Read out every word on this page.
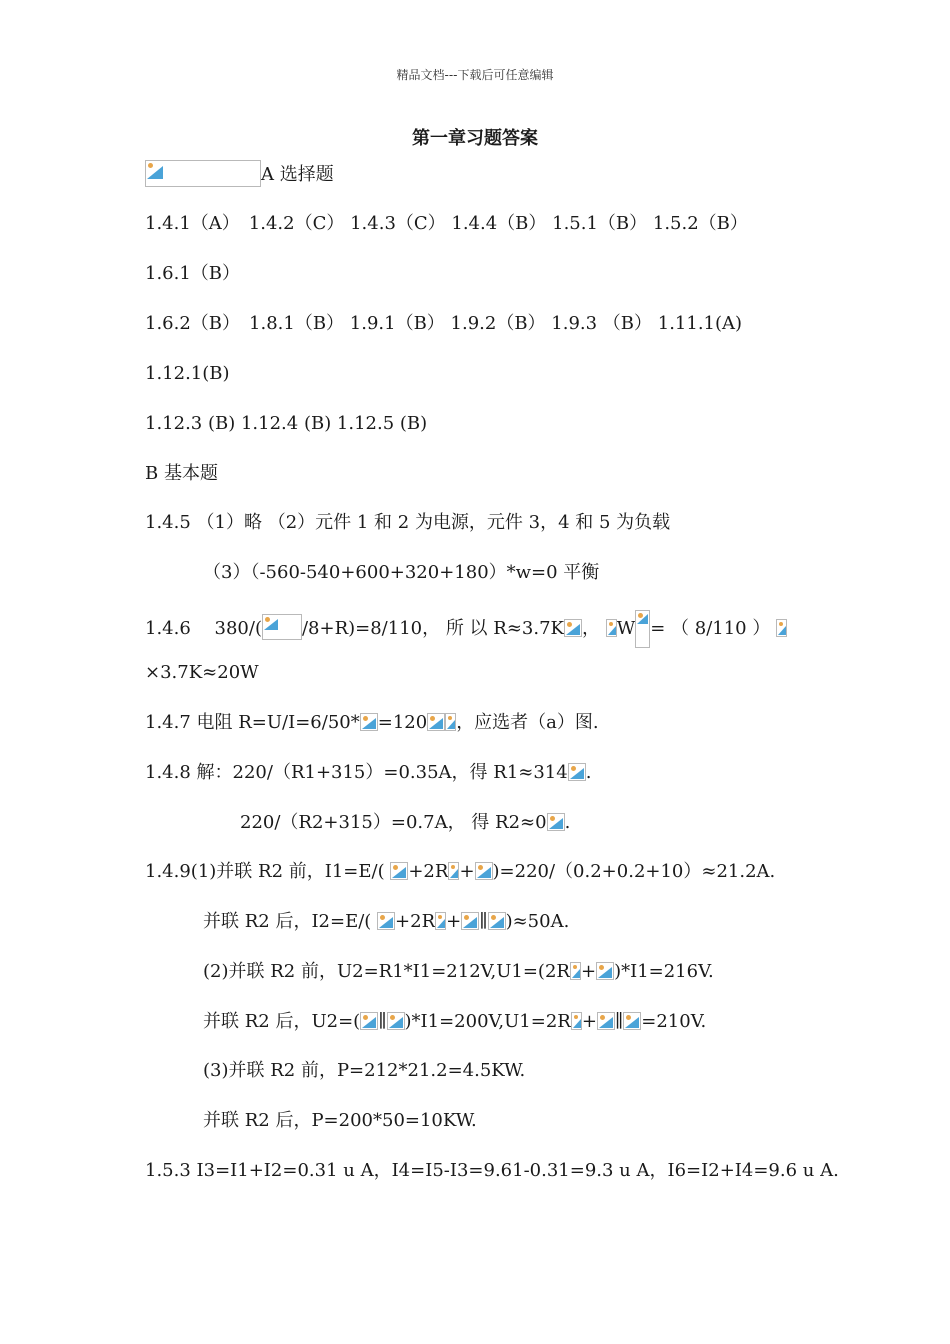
精品文档---下载后可任意编辑
第一章习题答案
A 选择题
1.4.1（A）　1.4.2（C） 1.4.3（C） 1.4.4（B） 1.5.1（B） 1.5.2（B）
1.6.1（B）
1.6.2（B）　1.8.1（B） 1.9.1（B） 1.9.2（B） 1.9.3 （B） 1.11.1(A)
1.12.1(B)
1.12.3 (B) 1.12.4 (B) 1.12.5 (B)
B 基本题
1.4.5 （1）略 （2）元件 1 和 2 为电源，元件 3，4 和 5 为负载
（3）（-560-540+600+320+180）*w=0 平衡
1.4.6　 380/( /8+R)=8/110， 所 以 R≈3.7K ， W = （ 8/110 ）
×3.7K≈20W
1.4.7 电阻 R=U/I=6/50* =120 ，应选者（a）图.
1.4.8 解：220/（R1+315）=0.35A，得 R1≈314 .
220/（R2+315）=0.7A， 得 R2≈0 .
1.4.9(1)并联 R2 前，I1=E/( +2R + )=220/（0.2+0.2+10）≈21.2A.
并联 R2 后，I2=E/( +2R + ∥ )≈50A.
(2)并联 R2 前，U2=R1*I1=212V,U1=(2R + )*I1=216V.
并联 R2 后，U2=( ∥ )*I1=200V,U1=2R + ∥ =210V.
(3)并联 R2 前，P=212*21.2=4.5KW.
并联 R2 后，P=200*50=10KW.
1.5.3 I3=I1+I2=0.31 u A，I4=I5-I3=9.61-0.31=9.3 u A，I6=I2+I4=9.6 u A.
